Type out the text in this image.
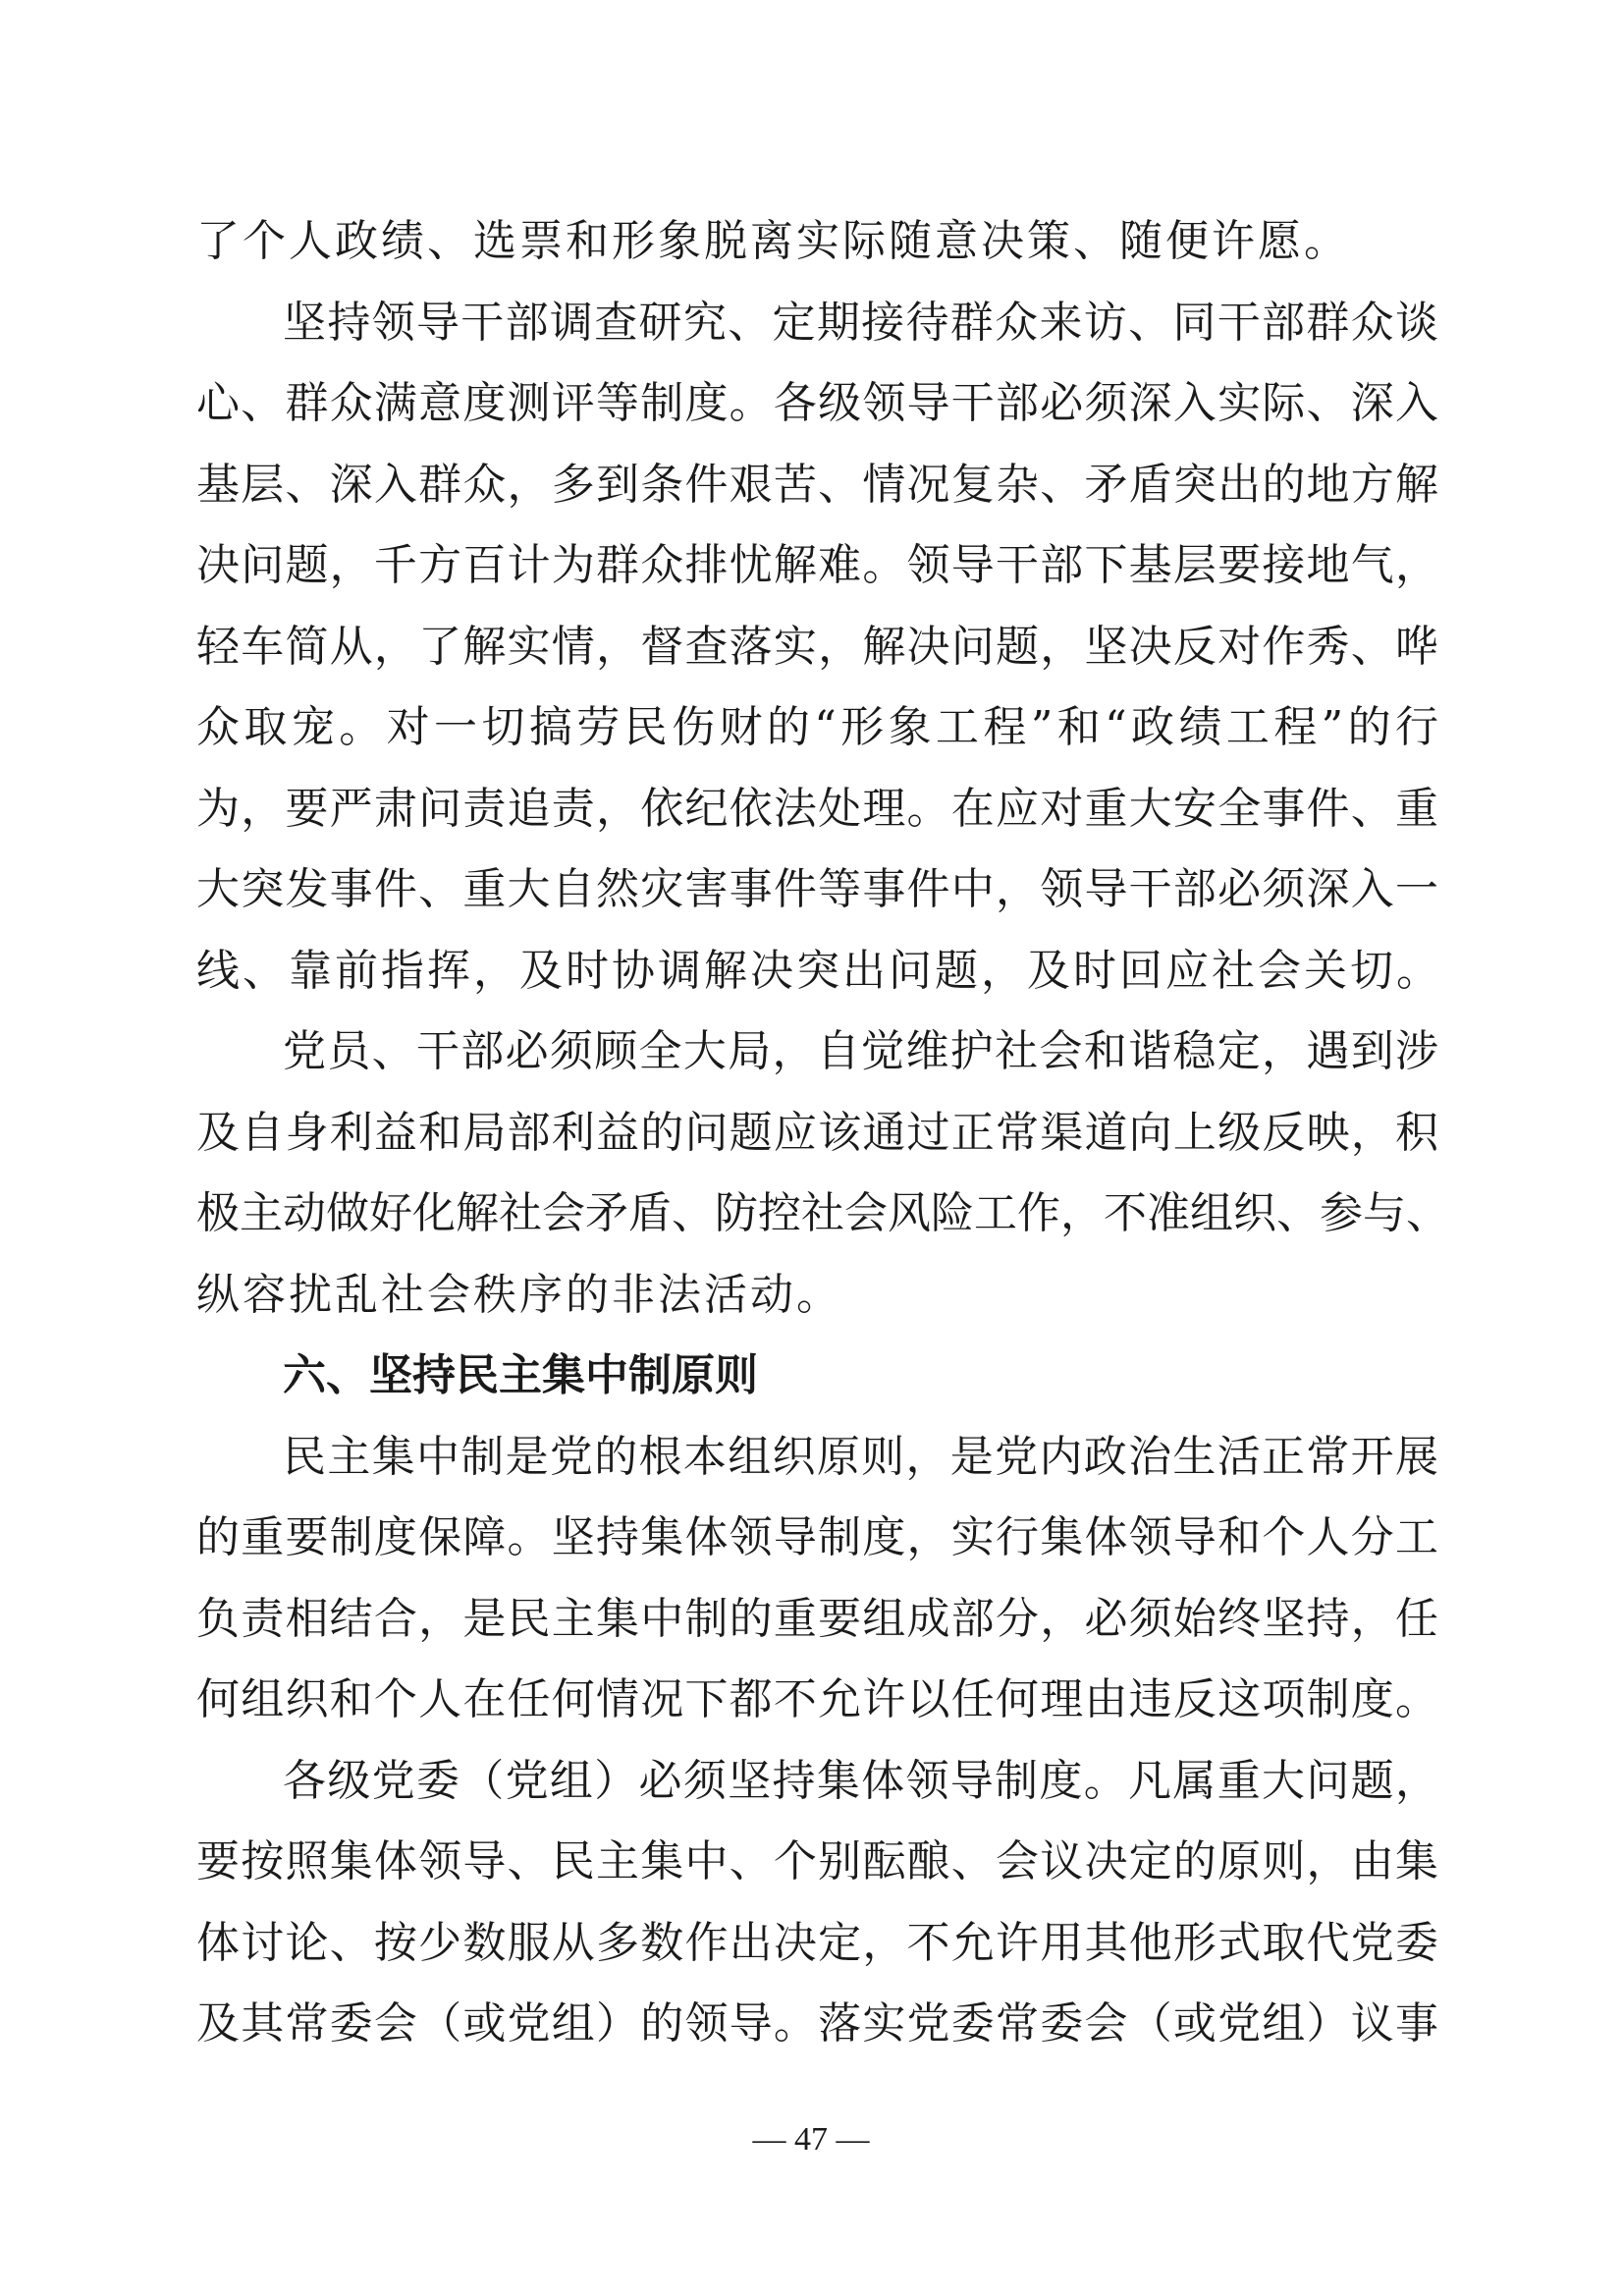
了个人政绩、选票和形象脱离实际随意决策、随便许愿。
坚持领导干部调查研究、定期接待群众来访、同干部群众谈
心、群众满意度测评等制度。各级领导干部必须深入实际、深入
基层、深入群众，多到条件艰苦、情况复杂、矛盾突出的地方解
决问题，千方百计为群众排忧解难。领导干部下基层要接地气，
轻车简从，了解实情，督查落实，解决问题，坚决反对作秀、哗
众取宠。对一切搞劳民伤财的“形象工程”和“政绩工程”的行
为，要严肃问责追责，依纪依法处理。在应对重大安全事件、重
大突发事件、重大自然灾害事件等事件中，领导干部必须深入一
线、靠前指挥，及时协调解决突出问题，及时回应社会关切。
党员、干部必须顾全大局，自觉维护社会和谐稳定，遇到涉
及自身利益和局部利益的问题应该通过正常渠道向上级反映，积
极主动做好化解社会矛盾、防控社会风险工作，不准组织、参与、
纵容扰乱社会秩序的非法活动。
六、坚持民主集中制原则
民主集中制是党的根本组织原则，是党内政治生活正常开展
的重要制度保障。坚持集体领导制度，实行集体领导和个人分工
负责相结合，是民主集中制的重要组成部分，必须始终坚持，任
何组织和个人在任何情况下都不允许以任何理由违反这项制度。
各级党委（党组）必须坚持集体领导制度。凡属重大问题，
要按照集体领导、民主集中、个别酝酿、会议决定的原则，由集
体讨论、按少数服从多数作出决定，不允许用其他形式取代党委
及其常委会（或党组）的领导。落实党委常委会（或党组）议事
— 47 —
